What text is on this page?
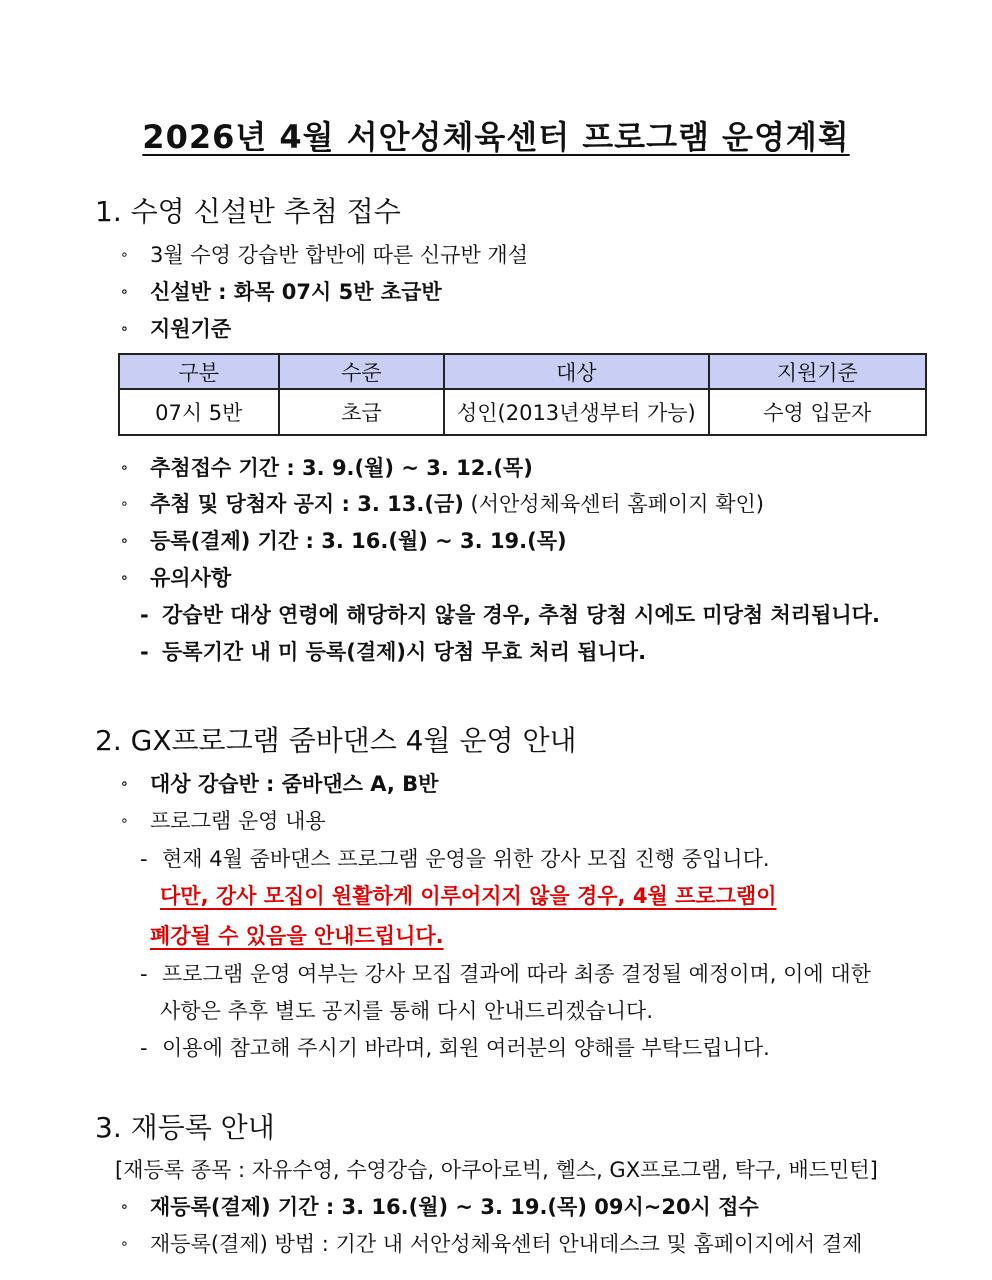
2026년 4월 서안성체육센터 프로그램 운영계획
1. 수영 신설반 추첨 접수
∘ 3월 수영 강습반 합반에 따른 신규반 개설
∘ 신설반 : 화목 07시 5반 초급반
∘ 지원기준
구분	수준	대상	지원기준
07시 5반	초급	성인(2013년생부터 가능)	수영 입문자
∘ 추첨접수 기간 : 3. 9.(월) ~ 3. 12.(목)
∘ 추첨 및 당첨자 공지 : 3. 13.(금) (서안성체육센터 홈페이지 확인)
∘ 등록(결제) 기간 : 3. 16.(월) ~ 3. 19.(목)
∘ 유의사항
- 강습반 대상 연령에 해당하지 않을 경우, 추첨 당첨 시에도 미당첨 처리됩니다.
- 등록기간 내 미 등록(결제)시 당첨 무효 처리 됩니다.
2. GX프로그램 줌바댄스 4월 운영 안내
∘ 대상 강습반 : 줌바댄스 A, B반
∘ 프로그램 운영 내용
- 현재 4월 줌바댄스 프로그램 운영을 위한 강사 모집 진행 중입니다.
다만, 강사 모집이 원활하게 이루어지지 않을 경우, 4월 프로그램이
폐강될 수 있음을 안내드립니다.
- 프로그램 운영 여부는 강사 모집 결과에 따라 최종 결정될 예정이며, 이에 대한
사항은 추후 별도 공지를 통해 다시 안내드리겠습니다.
- 이용에 참고해 주시기 바라며, 회원 여러분의 양해를 부탁드립니다.
3. 재등록 안내
[재등록 종목 : 자유수영, 수영강습, 아쿠아로빅, 헬스, GX프로그램, 탁구, 배드민턴]
∘ 재등록(결제) 기간 : 3. 16.(월) ~ 3. 19.(목) 09시~20시 접수
∘ 재등록(결제) 방법 : 기간 내 서안성체육센터 안내데스크 및 홈페이지에서 결제
